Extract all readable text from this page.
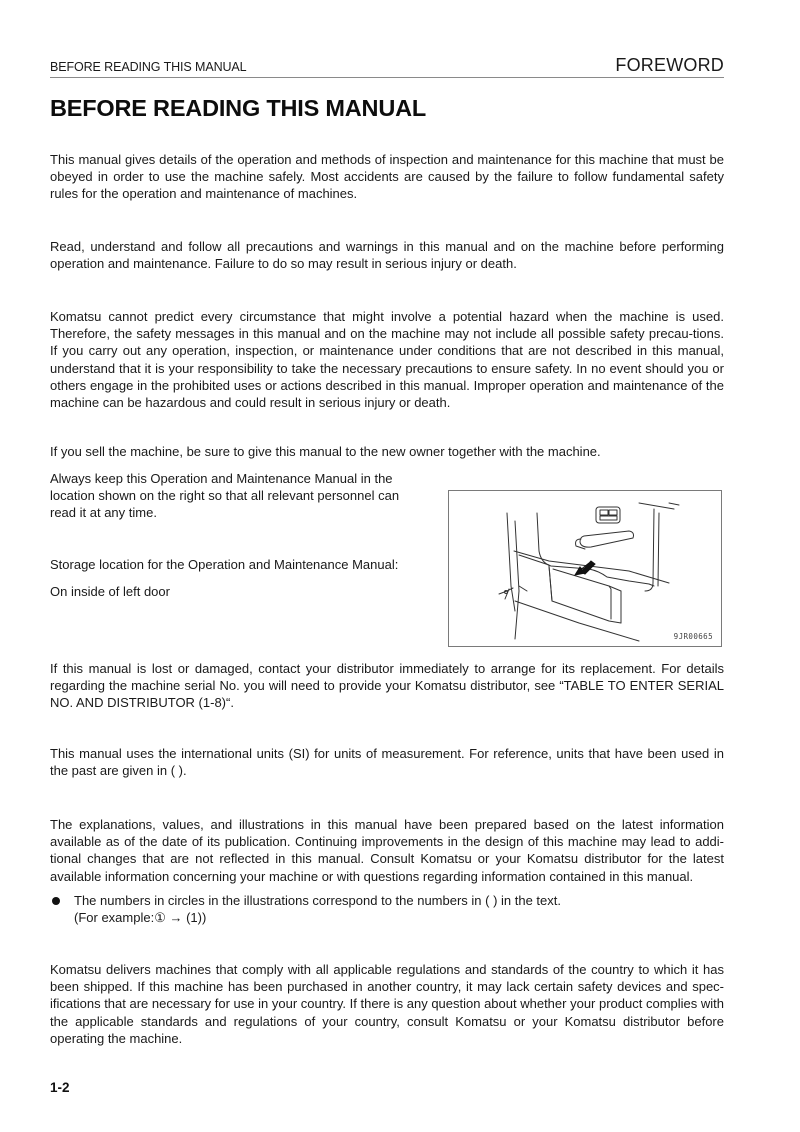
BEFORE READING THIS MANUAL	FOREWORD
BEFORE READING THIS MANUAL

This manual gives details of the operation and methods of inspection and maintenance for this machine that must be obeyed in order to use the machine safely. Most accidents are caused by the failure to follow fundamental safety rules for the operation and maintenance of machines.

Read, understand and follow all precautions and warnings in this manual and on the machine before performing operation and maintenance. Failure to do so may result in serious injury or death.

Komatsu cannot predict every circumstance that might involve a potential hazard when the machine is used. Therefore, the safety messages in this manual and on the machine may not include all possible safety precau-tions. If you carry out any operation, inspection, or maintenance under conditions that are not described in this manual, understand that it is your responsibility to take the necessary precautions to ensure safety. In no event should you or others engage in the prohibited uses or actions described in this manual. Improper operation and maintenance of the machine can be hazardous and could result in serious injury or death.

If you sell the machine, be sure to give this manual to the new owner together with the machine.

Always keep this Operation and Maintenance Manual in the location shown on the right so that all relevant personnel can read it at any time.

Storage location for the Operation and Maintenance Manual:

On inside of left door

9JR00665

If this manual is lost or damaged, contact your distributor immediately to arrange for its replacement. For details regarding the machine serial No. you will need to provide your Komatsu distributor, see “TABLE TO ENTER SERIAL NO. AND DISTRIBUTOR (1-8)“.

This manual uses the international units (SI) for units of measurement. For reference, units that have been used in the past are given in ( ).

The explanations, values, and illustrations in this manual have been prepared based on the latest information available as of the date of its publication. Continuing improvements in the design of this machine may lead to addi-tional changes that are not reflected in this manual. Consult Komatsu or your Komatsu distributor for the latest available information concerning your machine or with questions regarding information contained in this manual.

The numbers in circles in the illustrations correspond to the numbers in ( ) in the text.
(For example:① → (1))

Komatsu delivers machines that comply with all applicable regulations and standards of the country to which it has been shipped. If this machine has been purchased in another country, it may lack certain safety devices and spec-ifications that are necessary for use in your country. If there is any question about whether your product complies with the applicable standards and regulations of your country, consult Komatsu or your Komatsu distributor before operating the machine.

1-2
